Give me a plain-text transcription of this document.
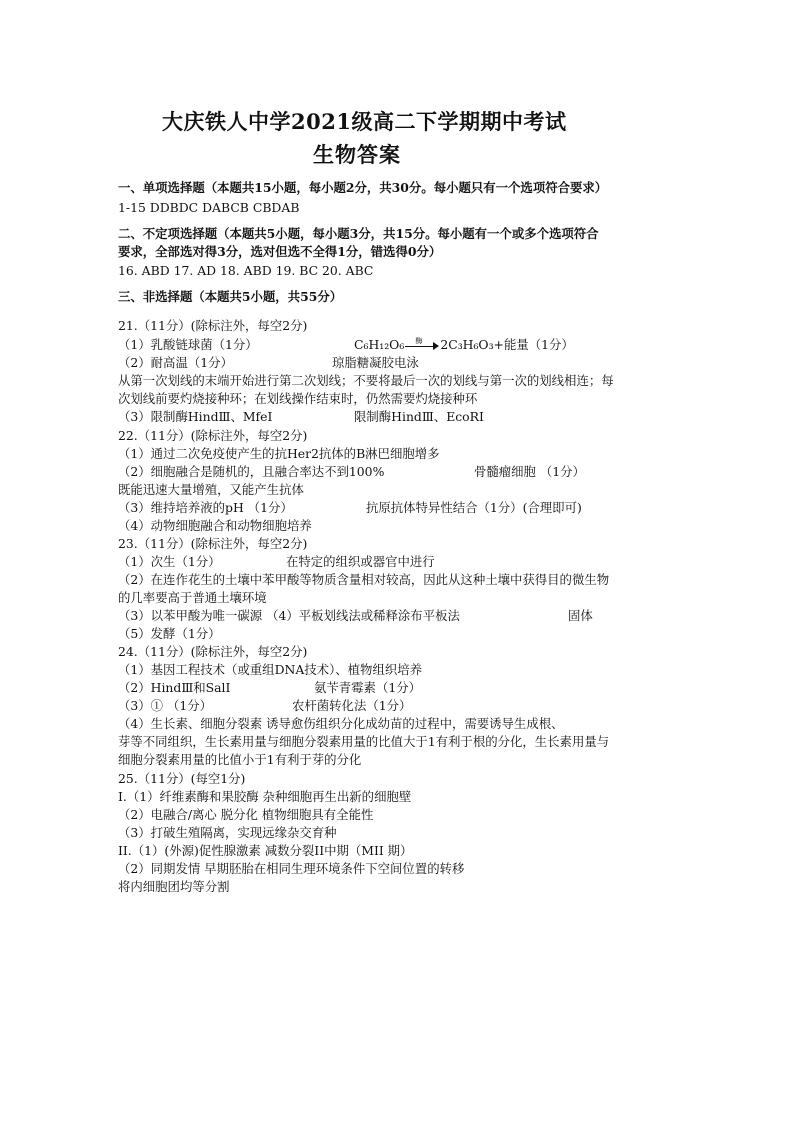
大庆铁人中学2021级高二下学期期中考试
生物答案
一、单项选择题（本题共15小题，每小题2分，共30分。每小题只有一个选项符合要求）
1-15 DDBDC DABCB CBDAB
二、不定项选择题（本题共5小题，每小题3分，共15分。每小题有一个或多个选项符合
要求，全部选对得3分，选对但选不全得1分，错选得0分）
16. ABD 17. AD 18. ABD 19. BC 20. ABC
三、非选择题（本题共5小题，共55分）
21.（11分）(除标注外，每空2分)
（1）乳酸链球菌（1分）	C₆H₁₂O₆ 酶 2C₃H₆O₃+能量（1分）
（2）耐高温（1分）	琼脂糖凝胶电泳
从第一次划线的末端开始进行第二次划线；不要将最后一次的划线与第一次的划线相连；每
次划线前要灼烧接种环；在划线操作结束时，仍然需要灼烧接种环
（3）限制酶HindⅢ、MfeⅠ	限制酶HindⅢ、EcoRⅠ
22.（11分）(除标注外，每空2分)
（1）通过二次免疫使产生的抗Her2抗体的B淋巴细胞增多
（2）细胞融合是随机的，且融合率达不到100%	骨髓瘤细胞 （1分）
既能迅速大量增殖，又能产生抗体
（3）维持培养液的pH （1分）	抗原抗体特异性结合（1分）(合理即可)
（4）动物细胞融合和动物细胞培养
23.（11分）(除标注外，每空2分)
（1）次生（1分）	在特定的组织或器官中进行
（2）在连作花生的土壤中苯甲酸等物质含量相对较高，因此从这种土壤中获得目的微生物
的几率要高于普通土壤环境
（3）以苯甲酸为唯一碳源 （4）平板划线法或稀释涂布平板法	固体
（5）发酵（1分）
24.（11分）(除标注外，每空2分)
（1）基因工程技术（或重组DNA技术）、植物组织培养
（2）HindⅢ和SalI	氨苄青霉素（1分）
（3）① （1分）	农杆菌转化法（1分）
（4）生长素、细胞分裂素 诱导愈伤组织分化成幼苗的过程中，需要诱导生成根、
芽等不同组织，生长素用量与细胞分裂素用量的比值大于1有利于根的分化，生长素用量与
细胞分裂素用量的比值小于1有利于芽的分化
25.（11分）(每空1分)
I.（1）纤维素酶和果胶酶 杂种细胞再生出新的细胞壁
（2）电融合/离心 脱分化 植物细胞具有全能性
（3）打破生殖隔离，实现远缘杂交育种
II.（1）(外源)促性腺激素 减数分裂II中期（MII 期）
（2）同期发情 早期胚胎在相同生理环境条件下空间位置的转移
将内细胞团均等分割
